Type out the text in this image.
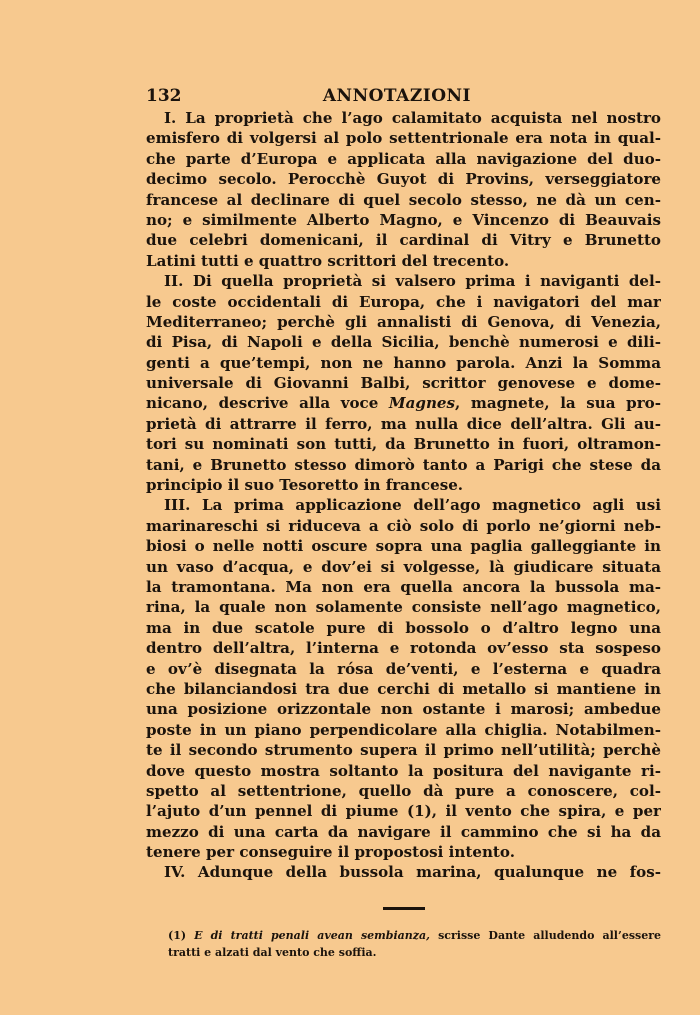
132	ANNOTAZIONI
I. La proprietà che l’ago calamitato acquista nel nostro
emisfero di volgersi al polo settentrionale era nota in qual-
che parte d’Europa e applicata alla navigazione del duo-
decimo secolo. Perocchè Guyot di Provins, verseggiatore
francese al declinare di quel secolo stesso, ne dà un cen-
no; e similmente Alberto Magno, e Vincenzo di Beauvais
due celebri domenicani, il cardinal di Vitry e Brunetto
Latini tutti e quattro scrittori del trecento.
II. Di quella proprietà si valsero prima i naviganti del-
le coste occidentali di Europa, che i navigatori del mar
Mediterraneo; perchè gli annalisti di Genova, di Venezia,
di Pisa, di Napoli e della Sicilia, benchè numerosi e dili-
genti a que’tempi, non ne hanno parola. Anzi la Somma
universale di Giovanni Balbi, scrittor genovese e dome-
nicano, descrive alla voce Magnes, magnete, la sua pro-
prietà di attrarre il ferro, ma nulla dice dell’altra. Gli au-
tori su nominati son tutti, da Brunetto in fuori, oltramon-
tani, e Brunetto stesso dimorò tanto a Parigi che stese da
principio il suo Tesoretto in francese.
III. La prima applicazione dell’ago magnetico agli usi
marinareschi si riduceva a ciò solo di porlo ne’giorni neb-
biosi o nelle notti oscure sopra una paglia galleggiante in
un vaso d’acqua, e dov’ei si volgesse, là giudicare situata
la tramontana. Ma non era quella ancora la bussola ma-
rina, la quale non solamente consiste nell’ago magnetico,
ma in due scatole pure di bossolo o d’altro legno una
dentro dell’altra, l’interna e rotonda ov’esso sta sospeso
e ov’è disegnata la rósa de’venti, e l’esterna e quadra
che bilanciandosi tra due cerchi di metallo si mantiene in
una posizione orizzontale non ostante i marosi; ambedue
poste in un piano perpendicolare alla chiglia. Notabilmen-
te il secondo strumento supera il primo nell’utilità; perchè
dove questo mostra soltanto la positura del navigante ri-
spetto al settentrione, quello dà pure a conoscere, col-
l’ajuto d’un pennel di piume (1), il vento che spira, e per
mezzo di una carta da navigare il cammino che si ha da
tenere per conseguire il propostosi intento.
IV. Adunque della bussola marina, qualunque ne fos-
(1) E di tratti penali avean sembianza, scrisse Dante alludendo all’essere
tratti e alzati dal vento che soffia.
